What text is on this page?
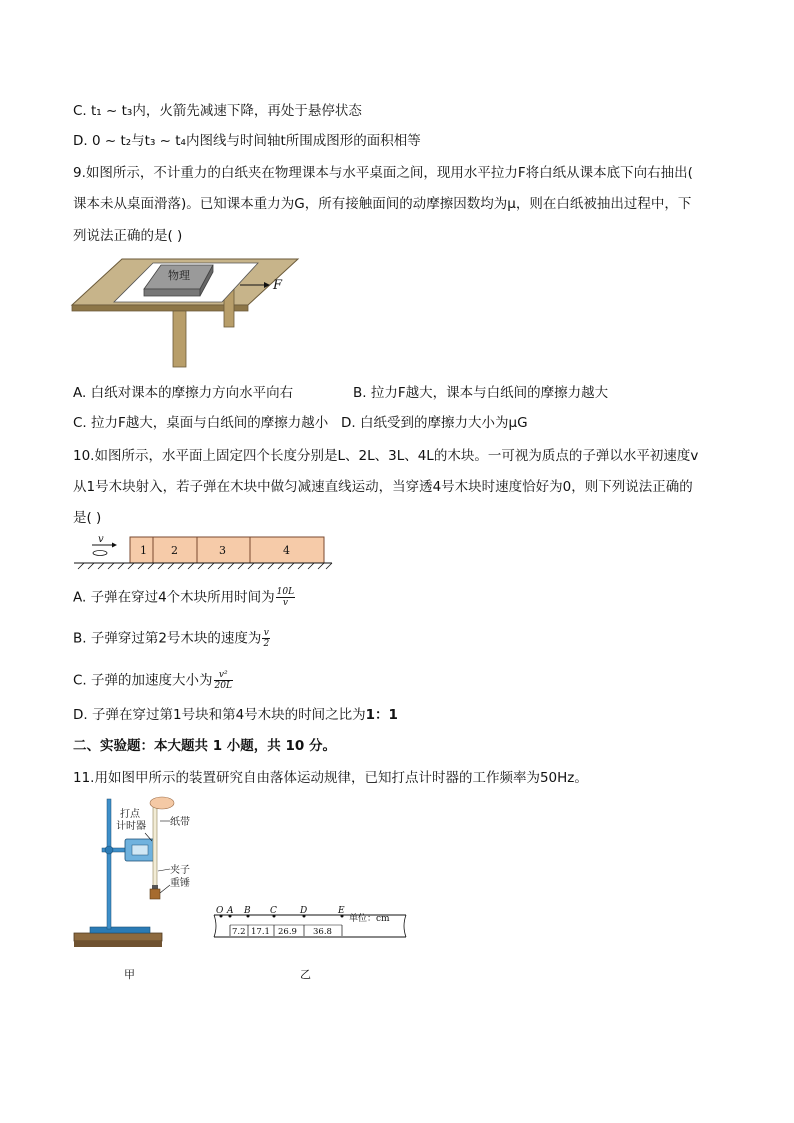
C. t₁ ~ t₃内，火箭先减速下降，再处于悬停状态
D. 0 ~ t₂与t₃ ~ t₄内图线与时间轴t所围成图形的面积相等
9.如图所示，不计重力的白纸夹在物理课本与水平桌面之间，现用水平拉力F将白纸从课本底下向右抽出(
课本未从桌面滑落)。已知课本重力为G，所有接触面间的动摩擦因数均为μ，则在白纸被抽出过程中，下
列说法正确的是( )
物理
F
A. 白纸对课本的摩擦力方向水平向右	B. 拉力F越大，课本与白纸间的摩擦力越大
C. 拉力F越大，桌面与白纸间的摩擦力越小 D. 白纸受到的摩擦力大小为μG
10.如图所示，水平面上固定四个长度分别是L、2L、3L、4L的木块。一可视为质点的子弹以水平初速度v
从1号木块射入，若子弹在木块中做匀减速直线运动，当穿透4号木块时速度恰好为0，则下列说法正确的
是( )
v
1 2	3	4
A. 子弹在穿过4个木块所用时间为 $\frac{10L}{v}$
B. 子弹穿过第2号木块的速度为 $\frac{v}{2}$
C. 子弹的加速度大小为 $\frac{\text{v²}}{20L}$
D. 子弹在穿过第1号块和第4号木块的时间之比为1：1
二、实验题：本大题共 1 小题，共 10 分。
11.用如图甲所示的装置研究自由落体运动规律，已知打点计时器的工作频率为50Hz。
打点
计时器 纸带
夹子
重锤
甲
O A B C	D	E
7.2 17.1 26.9 36.8
单位：cm
乙
